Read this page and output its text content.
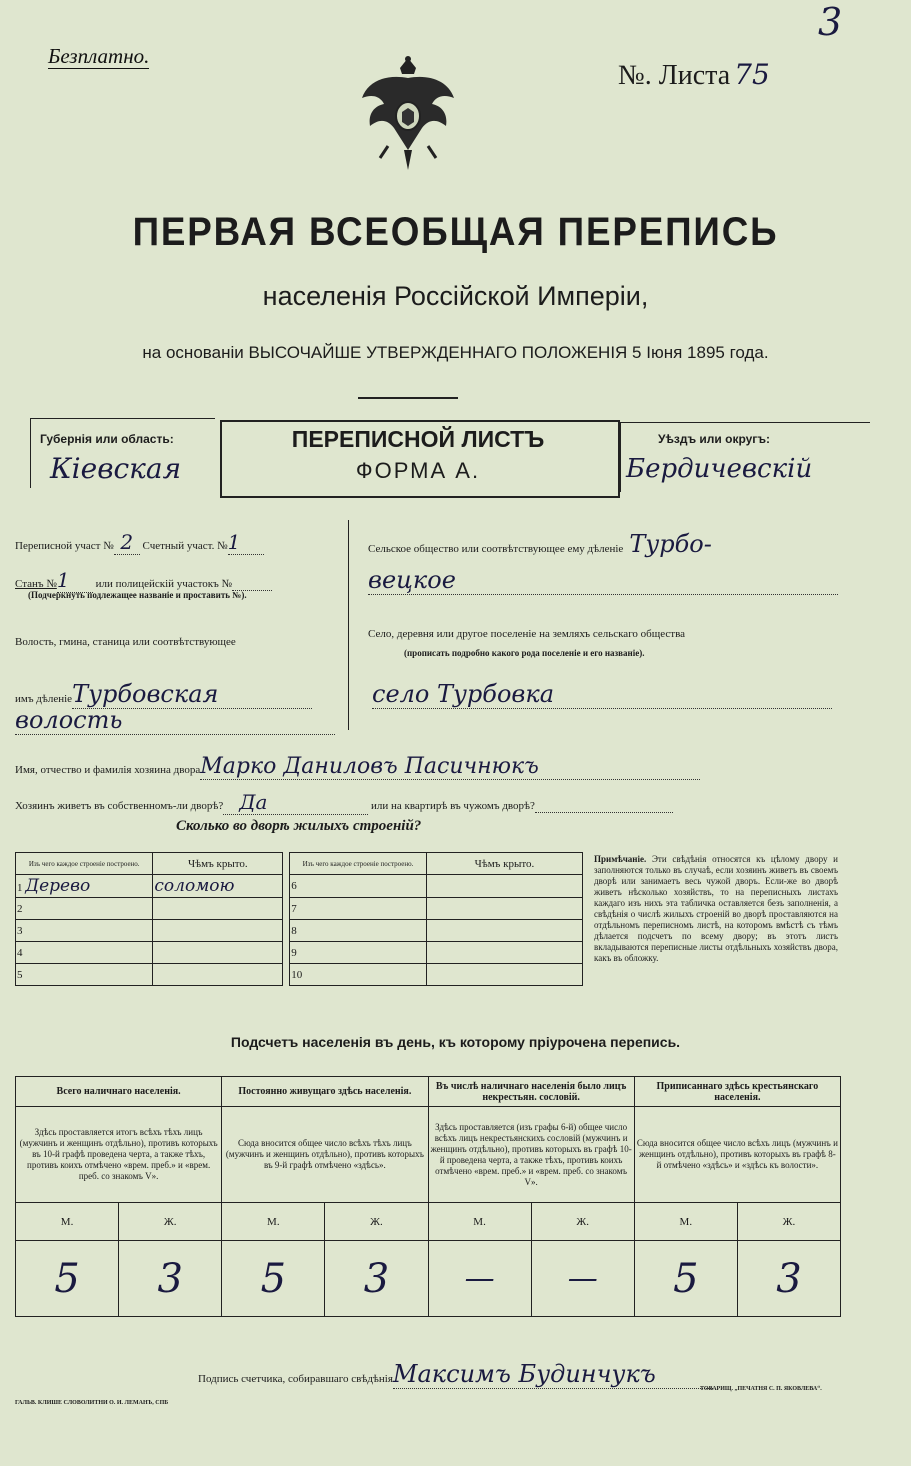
Безплатно.
№. Листа 75
3
ПЕРВАЯ ВСЕОБЩАЯ ПЕРЕПИСЬ
населенія Россійской Имперіи,
на основаніи ВЫСОЧАЙШЕ УТВЕРЖДЕННАГО ПОЛОЖЕНІЯ 5 Іюня 1895 года.
Губернія или область:
Кіевская
ПЕРЕПИСНОЙ ЛИСТЪ
ФОРМА А.
Уѣздъ или округъ:
Бердичевскій
Переписной участ № 2 Счетный участ. №1
Станъ №1 или полицейскій участокъ №
(Подчеркнуть подлежащее названіе и проставить №).
Волость, гмина, станица или соотвѣтствующее
имъ дѣленіеТурбовская
волость
Сельское общество или соотвѣтствующее ему дѣленіе Турбо-
вецкое
Село, деревня или другое поселеніе на земляхъ сельскаго общества
(прописать подробно какого рода поселеніе и его названіе).
село Турбовка
Имя, отчество и фамилія хозяина двораМарко Даниловъ Пасичнюкъ
Хозяинъ живетъ въ собственномъ-ли дворѣ? Да	или на квартирѣ въ чужомъ дворѣ?
Сколько во дворѣ жилыхъ строеній?
Изъ чего каждое строеніе построено.	Чѣмъ крыто.		Изъ чего каждое строеніе построено.	Чѣмъ крыто.
1 Дерево	соломою		6	
2			7	
3			8	
4			9	
5			10	
Примѣчаніе. Эти свѣдѣнія относятся къ цѣлому двору и заполняются только въ случаѣ, если хозяинъ живетъ въ своемъ дворѣ или занимаетъ весь чужой дворъ. Если-же во дворѣ живетъ нѣсколько хозяйствъ, то на переписныхъ листахъ каждаго изъ нихъ эта табличка оставляется безъ заполненія, а свѣдѣнія о числѣ жилыхъ строеній во дворѣ проставляются на отдѣльномъ переписномъ листѣ, на которомъ вмѣстѣ съ тѣмъ дѣлается подсчетъ по всему двору; въ этотъ листъ вкладываются переписные листы отдѣльныхъ хозяйствъ двора, какъ въ обложку.
Подсчетъ населенія въ день, къ которому пріурочена перепись.
Всего наличнаго населенія.		Постоянно живущаго здѣсь населенія.		Въ числѣ наличнаго населенія было лицъ некрестьян. сословій.		Приписаннаго здѣсь крестьянскаго населенія.	
Здѣсь проставляется итогъ всѣхъ тѣхъ лицъ (мужчинъ и женщинъ отдѣльно), противъ которыхъ въ 10-й графѣ проведена черта, а также тѣхъ, противъ коихъ отмѣчено «врем. преб.» и «врем. преб. со знакомъ V».		Сюда вносится общее число всѣхъ тѣхъ лицъ (мужчинъ и женщинъ отдѣльно), противъ которыхъ въ 9-й графѣ отмѣчено «здѣсь».		Здѣсь проставляется (изъ графы 6-й) общее число всѣхъ лицъ некрестьянскихъ сословій (мужчинъ и женщинъ отдѣльно), противъ которыхъ въ графѣ 10-й проведена черта, а также тѣхъ, противъ коихъ отмѣчено «врем. преб.» и «врем. преб. со знакомъ V».		Сюда вносится общее число всѣхъ лицъ (мужчинъ и женщинъ отдѣльно), противъ которыхъ въ графѣ 8-й отмѣчено «здѣсь» и «здѣсь къ волости».	
М.	Ж.	М.	Ж.	М.	Ж.	М.	Ж.
5	3	5	3	—	—	5	3
Подпись счетчика, собиравшаго свѣдѣніяМаксимъ Будинчукъ
ГАЛЬВ. КЛИШЕ СЛОВОЛИТНИ О. И. ЛЕМАНЪ, СПБ
ТОВАРИЩ. „ПЕЧАТНЯ С. П. ЯКОВЛЕВА“.
